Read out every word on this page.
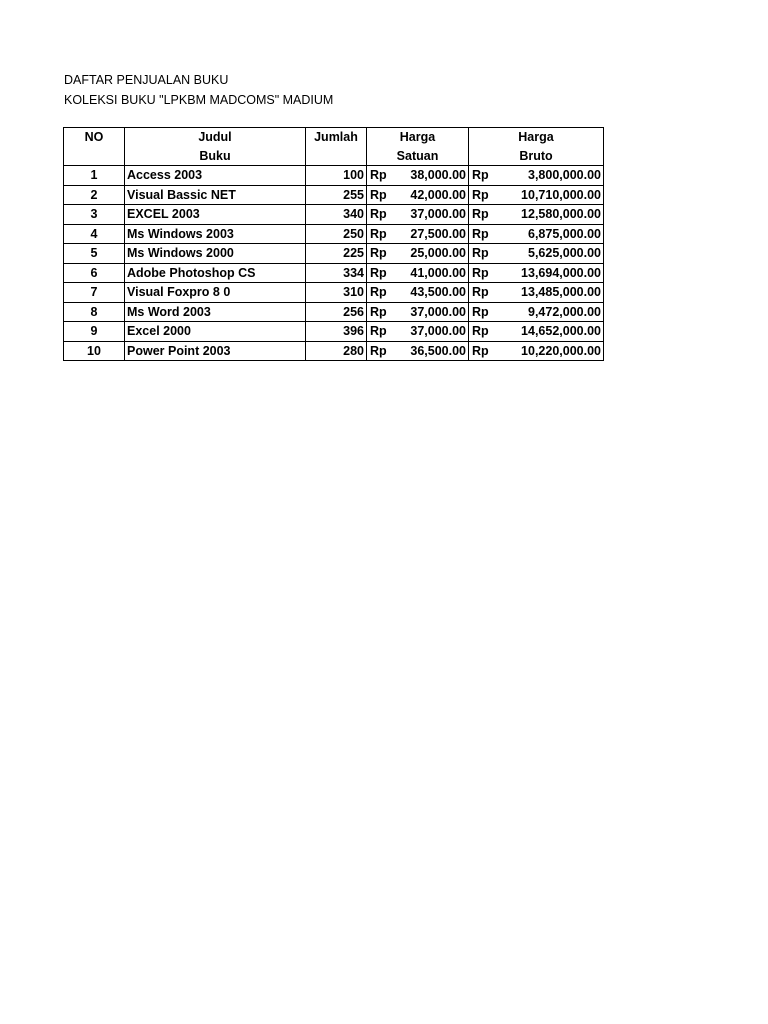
DAFTAR PENJUALAN BUKU
KOLEKSI BUKU "LPKBM MADCOMS" MADIUM
NO	Judul	Jumlah	Harga	Harga
	Buku		Satuan	Bruto
1	Access 2003	100	Rp 38,000.00	Rp 3,800,000.00

2	Visual Bassic NET	255	Rp 42,000.00	Rp 10,710,000.00

3	EXCEL 2003	340	Rp 37,000.00	Rp 12,580,000.00

4	Ms Windows 2003	250	Rp 27,500.00	Rp 6,875,000.00

5	Ms Windows 2000	225	Rp 25,000.00	Rp 5,625,000.00

6	Adobe Photoshop CS	334	Rp 41,000.00	Rp 13,694,000.00

7	Visual Foxpro 8 0	310	Rp 43,500.00	Rp 13,485,000.00

8	Ms Word 2003	256	Rp 37,000.00	Rp 9,472,000.00

9	Excel 2000	396	Rp 37,000.00	Rp 14,652,000.00

10	Power Point 2003	280	Rp 36,500.00	Rp 10,220,000.00
